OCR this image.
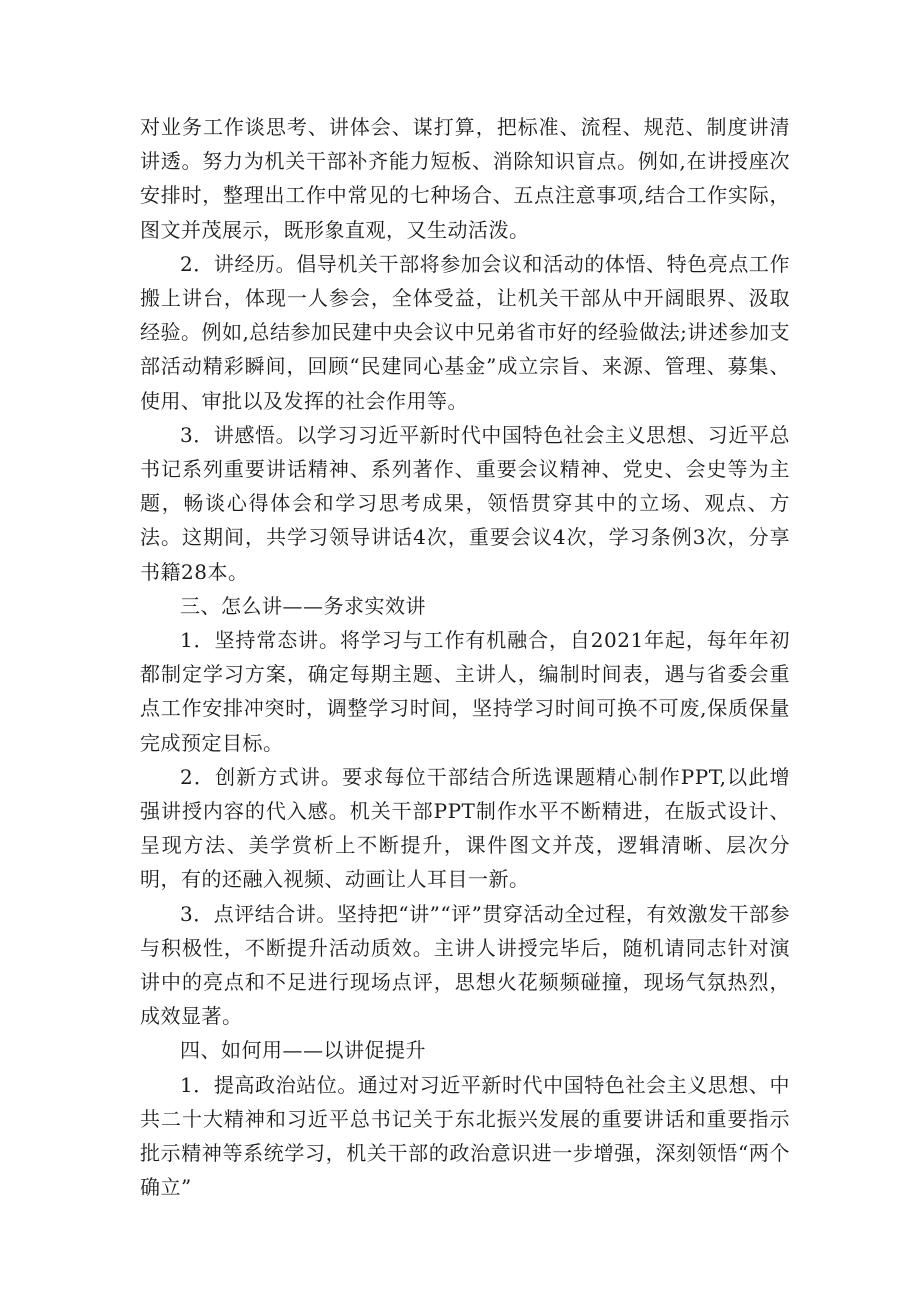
对业务工作谈思考、讲体会、谋打算，把标准、流程、规范、制度讲清讲透。努力为机关干部补齐能力短板、消除知识盲点。例如,在讲授座次安排时，整理出工作中常见的七种场合、五点注意事项,结合工作实际，图文并茂展示，既形象直观，又生动活泼。

2．讲经历。倡导机关干部将参加会议和活动的体悟、特色亮点工作搬上讲台，体现一人参会，全体受益，让机关干部从中开阔眼界、汲取经验。例如,总结参加民建中央会议中兄弟省市好的经验做法;讲述参加支部活动精彩瞬间，回顾“民建同心基金”成立宗旨、来源、管理、募集、使用、审批以及发挥的社会作用等。

3．讲感悟。以学习习近平新时代中国特色社会主义思想、习近平总书记系列重要讲话精神、系列著作、重要会议精神、党史、会史等为主题，畅谈心得体会和学习思考成果，领悟贯穿其中的立场、观点、方法。这期间，共学习领导讲话4次，重要会议4次，学习条例3次，分享书籍28本。

三、怎么讲——务求实效讲

1．坚持常态讲。将学习与工作有机融合，自2021年起，每年年初都制定学习方案，确定每期主题、主讲人，编制时间表，遇与省委会重点工作安排冲突时，调整学习时间，坚持学习时间可换不可废,保质保量完成预定目标。

2．创新方式讲。要求每位干部结合所选课题精心制作PPT,以此增强讲授内容的代入感。机关干部PPT制作水平不断精进，在版式设计、呈现方法、美学赏析上不断提升，课件图文并茂，逻辑清晰、层次分明，有的还融入视频、动画让人耳目一新。

3．点评结合讲。坚持把“讲”“评”贯穿活动全过程，有效激发干部参与积极性，不断提升活动质效。主讲人讲授完毕后，随机请同志针对演讲中的亮点和不足进行现场点评，思想火花频频碰撞，现场气氛热烈，成效显著。

四、如何用——以讲促提升

1．提高政治站位。通过对习近平新时代中国特色社会主义思想、中共二十大精神和习近平总书记关于东北振兴发展的重要讲话和重要指示批示精神等系统学习，机关干部的政治意识进一步增强，深刻领悟“两个确立”
